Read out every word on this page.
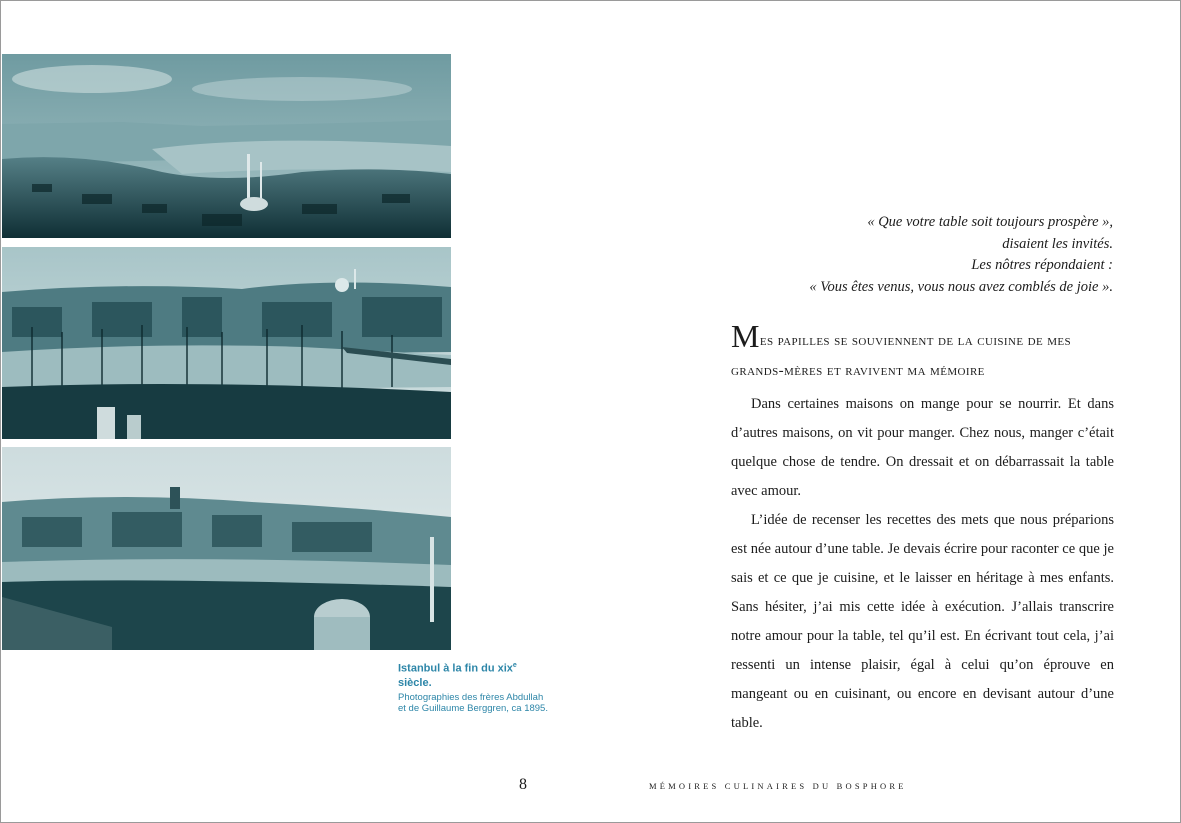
Istanbul à la fin du xix$^e$ siècle.
Photographies des frères Abdullah et de Guillaume Berggren, ca 1895.
« Que votre table soit toujours prospère »,
disaient les invités.
Les nôtres répondaient :
« Vous êtes venus, vous nous avez comblés de joie ».
Mes papilles se souviennent de la cuisine de mes grands-mères et ravivent ma mémoire

Dans certaines maisons on mange pour se nourrir. Et dans d’autres maisons, on vit pour manger. Chez nous, manger c’était quelque chose de tendre. On dressait et on débarrassait la table avec amour.

L’idée de recenser les recettes des mets que nous préparions est née autour d’une table. Je devais écrire pour raconter ce que je sais et ce que je cuisine, et le laisser en héritage à mes enfants. Sans hésiter, j’ai mis cette idée à exécution. J’allais transcrire notre amour pour la table, tel qu’il est. En écrivant tout cela, j’ai ressenti un intense plaisir, égal à celui qu’on éprouve en mangeant ou en cuisinant, ou encore en devisant autour d’une table.

8	MÉMOIRES CULINAIRES DU BOSPHORE
